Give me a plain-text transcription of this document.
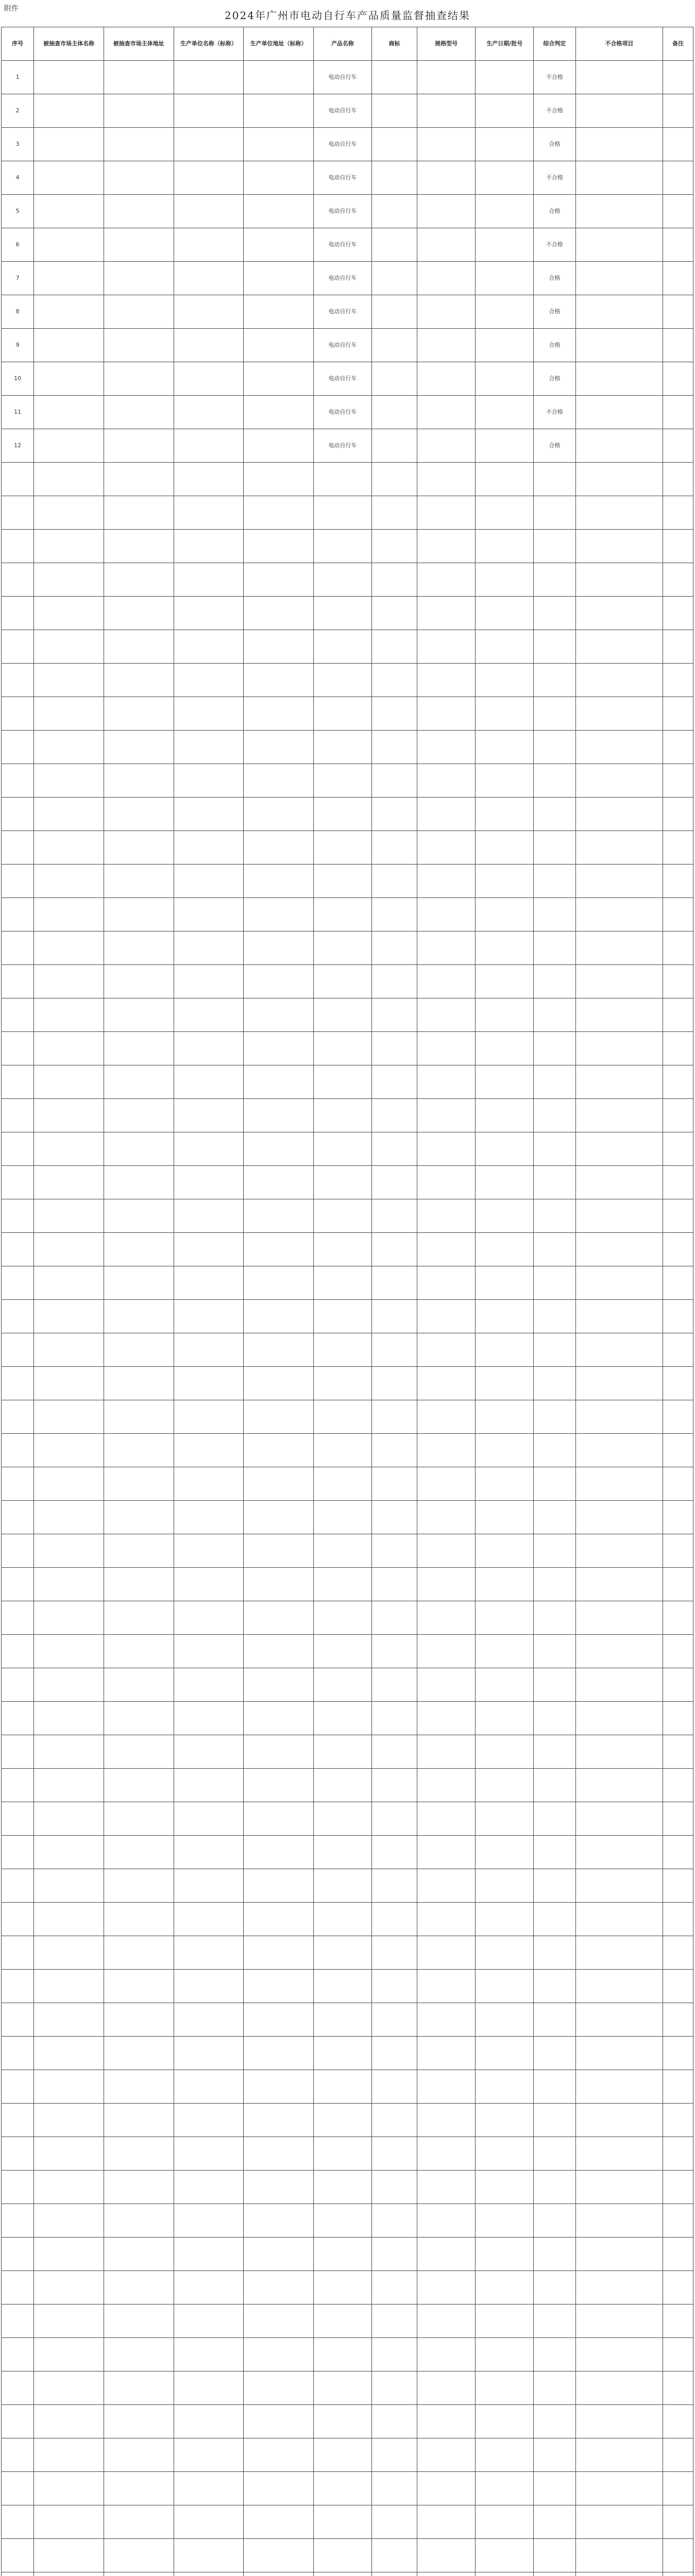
附件
2024年广州市电动自行车产品质量监督抽查结果
序号	被抽查市场主体名称	被抽查市场主体地址	生产单位名称（标称）	生产单位地址（标称）	产品名称	商标	规格型号	生产日期/批号	综合判定	不合格项目	备注
1					电动自行车				不合格		
2					电动自行车				不合格		
3					电动自行车				合格		
4					电动自行车				不合格		
5					电动自行车				合格		
6					电动自行车				不合格		
7					电动自行车				合格		
8					电动自行车				合格		
9					电动自行车				合格		
10					电动自行车				合格		
11					电动自行车				不合格		
12					电动自行车				合格		
